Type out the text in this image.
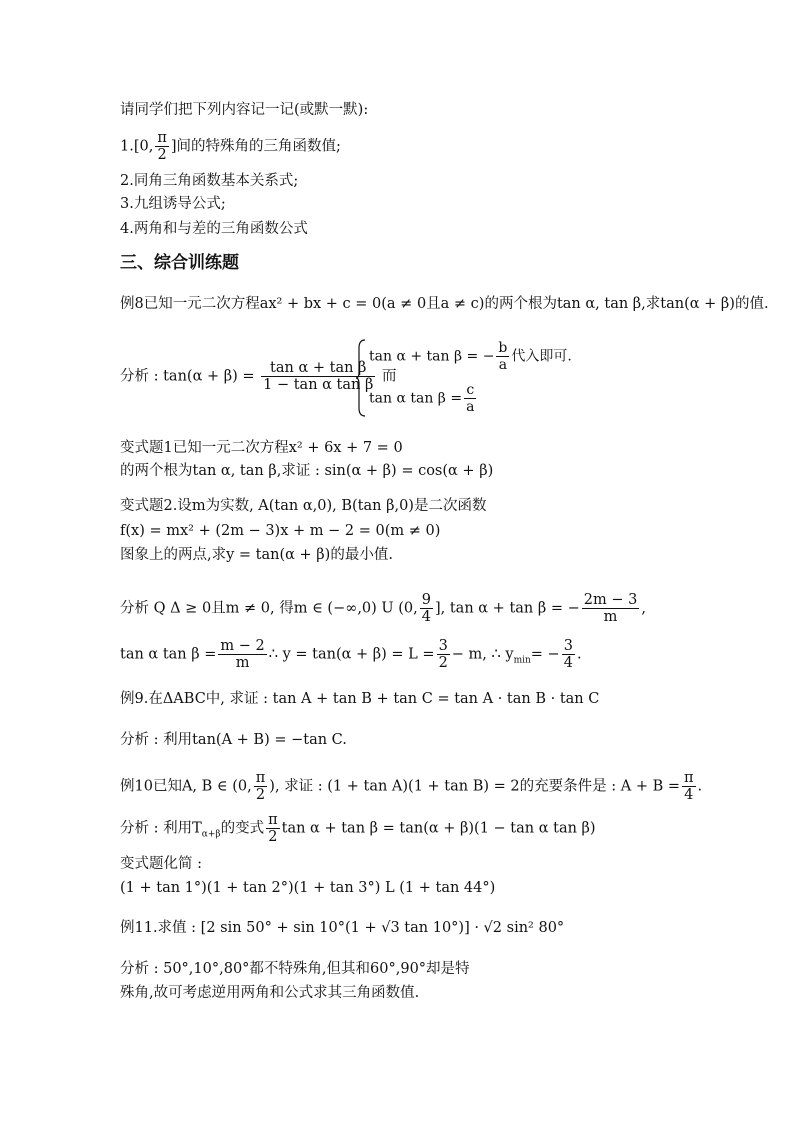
请同学们把下列内容记一记(或默一默):
1.[0, $\frac{\pi}{2}$ ]间的特殊角的三角函数值;
2.同角三角函数基本关系式;
3.九组诱导公式;
4.两角和与差的三角函数公式
三、综合训练题
例8已知一元二次方程ax² + bx + c = 0(a ≠ 0且a ≠ c)的两个根为tan α, tan β,求tan(α + β)的值.
分析 : $\tan(\alpha + \beta) = \frac{\text{tan α + tan β}}{\text{1 − tan α tan β}}$ 而
tan α + tan β = − $\frac{b}{a}$ 代入即可.
tan α $\tan \beta = \frac{c}{a}$
变式题1已知一元二次方程x² + 6x + 7 = 0
的两个根为tan α, tan β,求证 : sin(α + β) = cos(α + β)
变式题2.设m为实数, A(tan α,0), B(tan β,0)是二次函数
f(x) = mx² + (2m − 3)x + m − 2 = 0(m ≠ 0)
图象上的两点,求y = tan(α + β)的最小值.
分析 Q Δ ≥ 0且m ≠ 0, 得m ∈ (−∞,0) U (0, $\frac{9}{4}$ ], tan α + tan β = − $\frac{2m - 3}{m}$ ,
tan α $\tan \beta = \frac{m - 2}{m}$ ∴ $y = \tan(\alpha + \beta) = L = \frac{3}{2} - m$, ∴ $y_{min}= - \frac{3}{4}$ .
例9.在ΔABC中, 求证 : tan A + tan B + tan C = tan A · tan B · tan C
分析 : 利用tan(A + B) = −tan C.
例10已知A, B ∈ (0, $\frac{\pi}{2}$ ), 求证 : (1 + tan A)(1 + tan B) = 2的充要条件是 : $A + B = \frac{\pi}{4}$ .
分析 : 利用$T_{\alpha+\beta}$的变式 $\frac{\pi}{2}$ tan α + tan β = tan(α + β)(1 − tan α tan β)
变式题化简 :
(1 + tan 1°)(1 + tan 2°)(1 + tan 3°) L (1 + tan 44°)
例11.求值 : [2 sin 50° + sin 10°(1 + √3 tan 10°)] · √2 sin² 80°
分析 : 50°,10°,80°都不特殊角,但其和60°,90°却是特
殊角,故可考虑逆用两角和公式求其三角函数值.
